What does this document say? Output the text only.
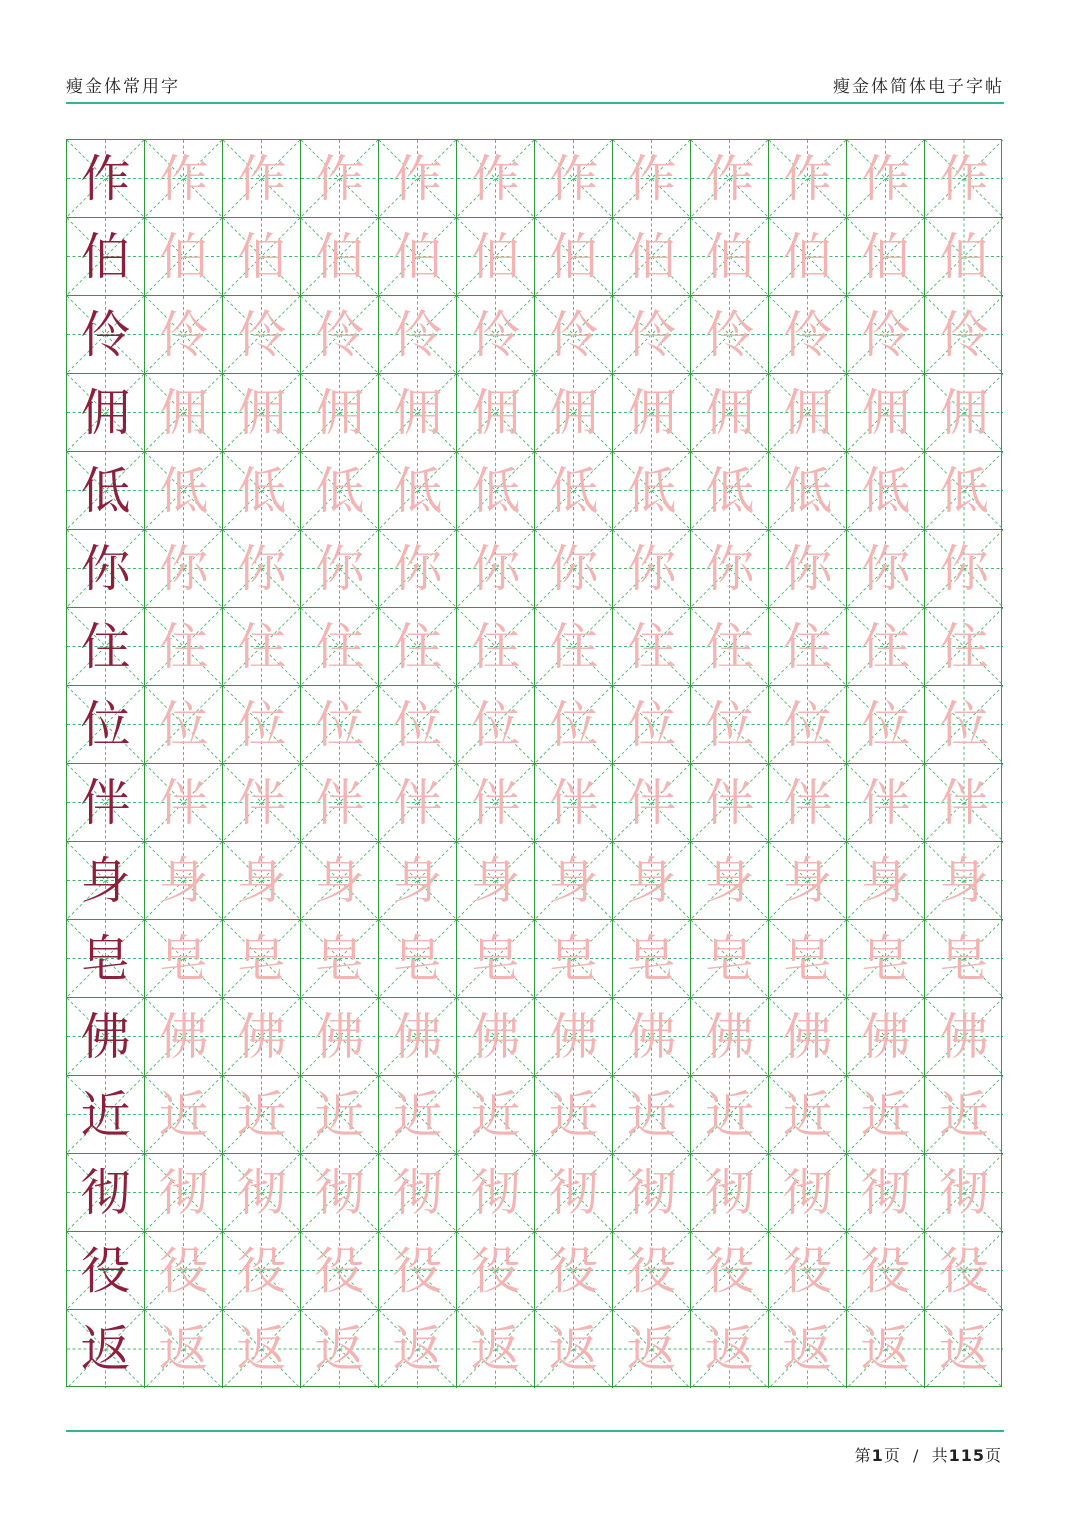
瘦金体常用字	瘦金体简体电子字帖
作 作 作 作 作 作 作 作 作 作 作 作
伯 伯 伯 伯 伯 伯 伯 伯 伯 伯 伯 伯
伶 伶 伶 伶 伶 伶 伶 伶 伶 伶 伶 伶
佣 佣 佣 佣 佣 佣 佣 佣 佣 佣 佣 佣
低 低 低 低 低 低 低 低 低 低 低 低
你 你 你 你 你 你 你 你 你 你 你 你
住 住 住 住 住 住 住 住 住 住 住 住
位 位 位 位 位 位 位 位 位 位 位 位
伴 伴 伴 伴 伴 伴 伴 伴 伴 伴 伴 伴
身 身 身 身 身 身 身 身 身 身 身 身
皂 皂 皂 皂 皂 皂 皂 皂 皂 皂 皂 皂
佛 佛 佛 佛 佛 佛 佛 佛 佛 佛 佛 佛
近 近 近 近 近 近 近 近 近 近 近 近
彻 彻 彻 彻 彻 彻 彻 彻 彻 彻 彻 彻
役 役 役 役 役 役 役 役 役 役 役 役
返 返 返 返 返 返 返 返 返 返 返 返
第1页 / 共115页
